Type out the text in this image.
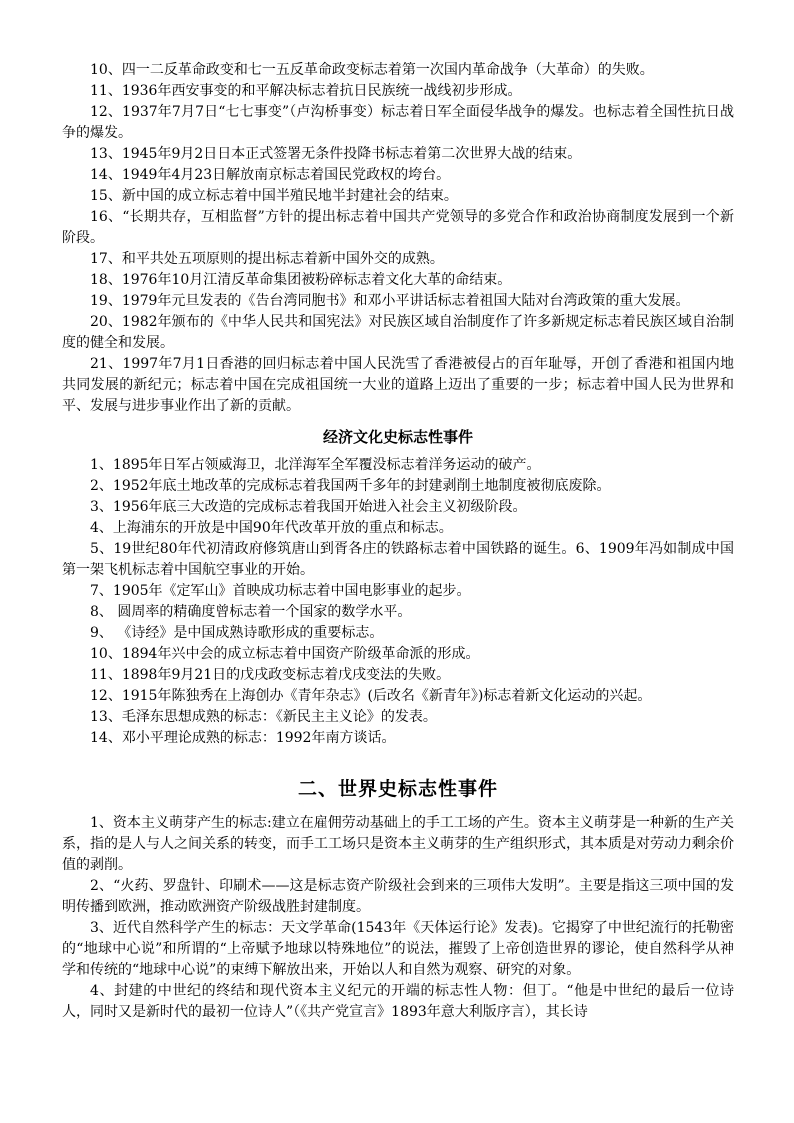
10、四一二反革命政变和七一五反革命政变标志着第一次国内革命战争（大革命）的失败。

11、1936年西安事变的和平解决标志着抗日民族统一战线初步形成。

12、1937年7月7日“七七事变”（卢沟桥事变）标志着日军全面侵华战争的爆发。也标志着全国性抗日战争的爆发。

13、1945年9月2日日本正式签署无条件投降书标志着第二次世界大战的结束。

14、1949年4月23日解放南京标志着国民党政权的垮台。

15、新中国的成立标志着中国半殖民地半封建社会的结束。

16、“长期共存，互相监督”方针的提出标志着中国共产党领导的多党合作和政治协商制度发展到一个新阶段。

17、和平共处五项原则的提出标志着新中国外交的成熟。

18、1976年10月江清反革命集团被粉碎标志着文化大革的命结束。

19、1979年元旦发表的《告台湾同胞书》和邓小平讲话标志着祖国大陆对台湾政策的重大发展。

20、1982年颁布的《中华人民共和国宪法》对民族区域自治制度作了许多新规定标志着民族区域自治制度的健全和发展。

21、1997年7月1日香港的回归标志着中国人民洗雪了香港被侵占的百年耻辱，开创了香港和祖国内地共同发展的新纪元；标志着中国在完成祖国统一大业的道路上迈出了重要的一步；标志着中国人民为世界和平、发展与进步事业作出了新的贡献。

经济文化史标志性事件

1、1895年日军占领威海卫，北洋海军全军覆没标志着洋务运动的破产。

2、1952年底土地改革的完成标志着我国两千多年的封建剥削土地制度被彻底废除。

3、1956年底三大改造的完成标志着我国开始进入社会主义初级阶段。

4、上海浦东的开放是中国90年代改革开放的重点和标志。

5、19世纪80年代初清政府修筑唐山到胥各庄的铁路标志着中国铁路的诞生。6、1909年冯如制成中国第一架飞机标志着中国航空事业的开始。

7、1905年《定军山》首映成功标志着中国电影事业的起步。

8、 圆周率的精确度曾标志着一个国家的数学水平。

9、 《诗经》是中国成熟诗歌形成的重要标志。

10、1894年兴中会的成立标志着中国资产阶级革命派的形成。

11、1898年9月21日的戊戌政变标志着戊戌变法的失败。

12、1915年陈独秀在上海创办《青年杂志》(后改名《新青年》)标志着新文化运动的兴起。

13、毛泽东思想成熟的标志：《新民主主义论》的发表。

14、邓小平理论成熟的标志：1992年南方谈话。

二、世界史标志性事件

1、资本主义萌芽产生的标志:建立在雇佣劳动基础上的手工工场的产生。资本主义萌芽是一种新的生产关系，指的是人与人之间关系的转变，而手工工场只是资本主义萌芽的生产组织形式，其本质是对劳动力剩余价值的剥削。

2、“火药、罗盘针、印刷术——这是标志资产阶级社会到来的三项伟大发明”。主要是指这三项中国的发明传播到欧洲，推动欧洲资产阶级战胜封建制度。

3、近代自然科学产生的标志：天文学革命(1543年《天体运行论》发表)。它揭穿了中世纪流行的托勒密的“地球中心说”和所谓的“上帝赋予地球以特殊地位”的说法，摧毁了上帝创造世界的谬论，使自然科学从神学和传统的“地球中心说”的束缚下解放出来，开始以人和自然为观察、研究的对象。

4、封建的中世纪的终结和现代资本主义纪元的开端的标志性人物：但丁。“他是中世纪的最后一位诗人，同时又是新时代的最初一位诗人”（《共产党宣言》1893年意大利版序言），其长诗
